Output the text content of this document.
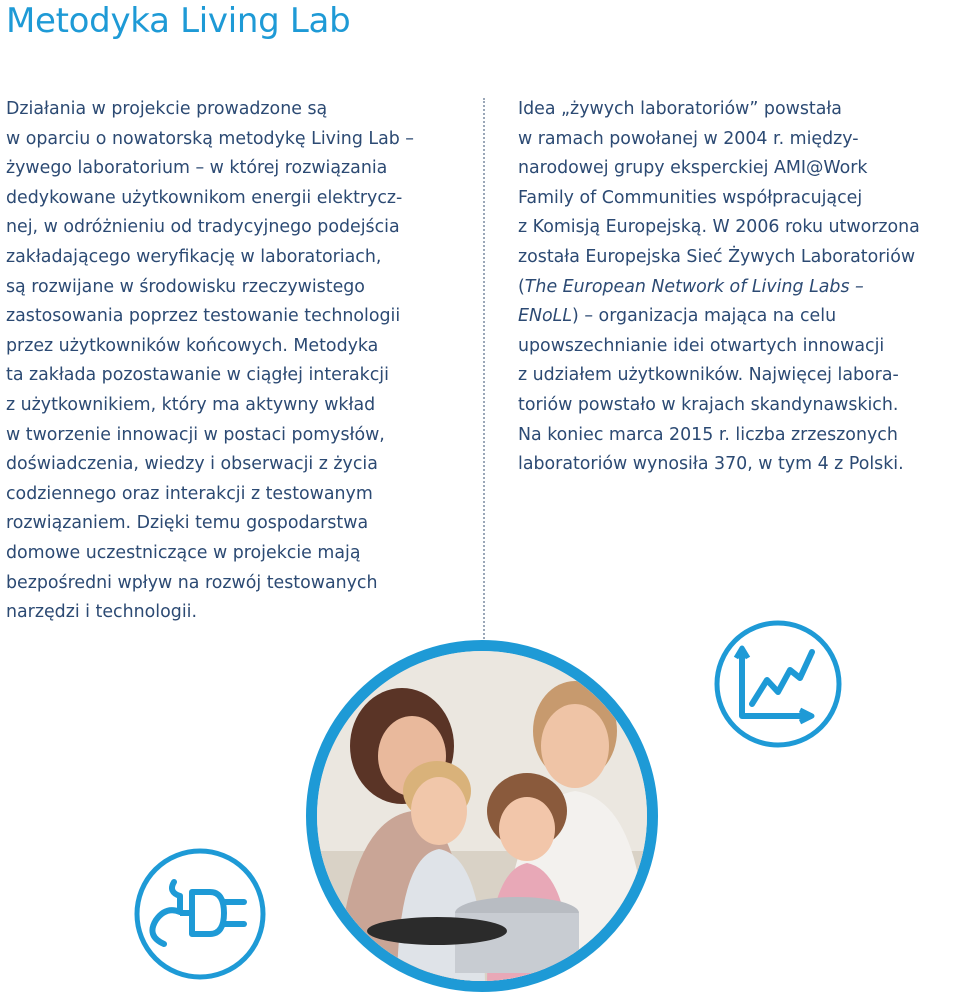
Metodyka Living Lab
Działania w projekcie prowadzone są
w oparciu o nowatorską metodykę Living Lab –
żywego laboratorium – w której rozwiązania
dedykowane użytkownikom energii elektrycz-
nej, w odróżnieniu od tradycyjnego podejścia
zakładającego weryfikację w laboratoriach,
są rozwijane w środowisku rzeczywistego
zastosowania poprzez testowanie technologii
przez użytkowników końcowych. Metodyka
ta zakłada pozostawanie w ciągłej interakcji
z użytkownikiem, który ma aktywny wkład
w tworzenie innowacji w postaci pomysłów,
doświadczenia, wiedzy i obserwacji z życia
codziennego oraz interakcji z testowanym
rozwiązaniem. Dzięki temu gospodarstwa
domowe uczestniczące w projekcie mają
bezpośredni wpływ na rozwój testowanych
narzędzi i technologii.
Idea „żywych laboratoriów” powstała
w ramach powołanej w 2004 r. między-
narodowej grupy eksperckiej AMI@Work
Family of Communities współpracującej
z Komisją Europejską. W 2006 roku utworzona
została Europejska Sieć Żywych Laboratoriów
(The European Network of Living Labs –
ENoLL) – organizacja mająca na celu
upowszechnianie idei otwartych innowacji
z udziałem użytkowników. Najwięcej labora-
toriów powstało w krajach skandynawskich.
Na koniec marca 2015 r. liczba zrzeszonych
laboratoriów wynosiła 370, w tym 4 z Polski.
